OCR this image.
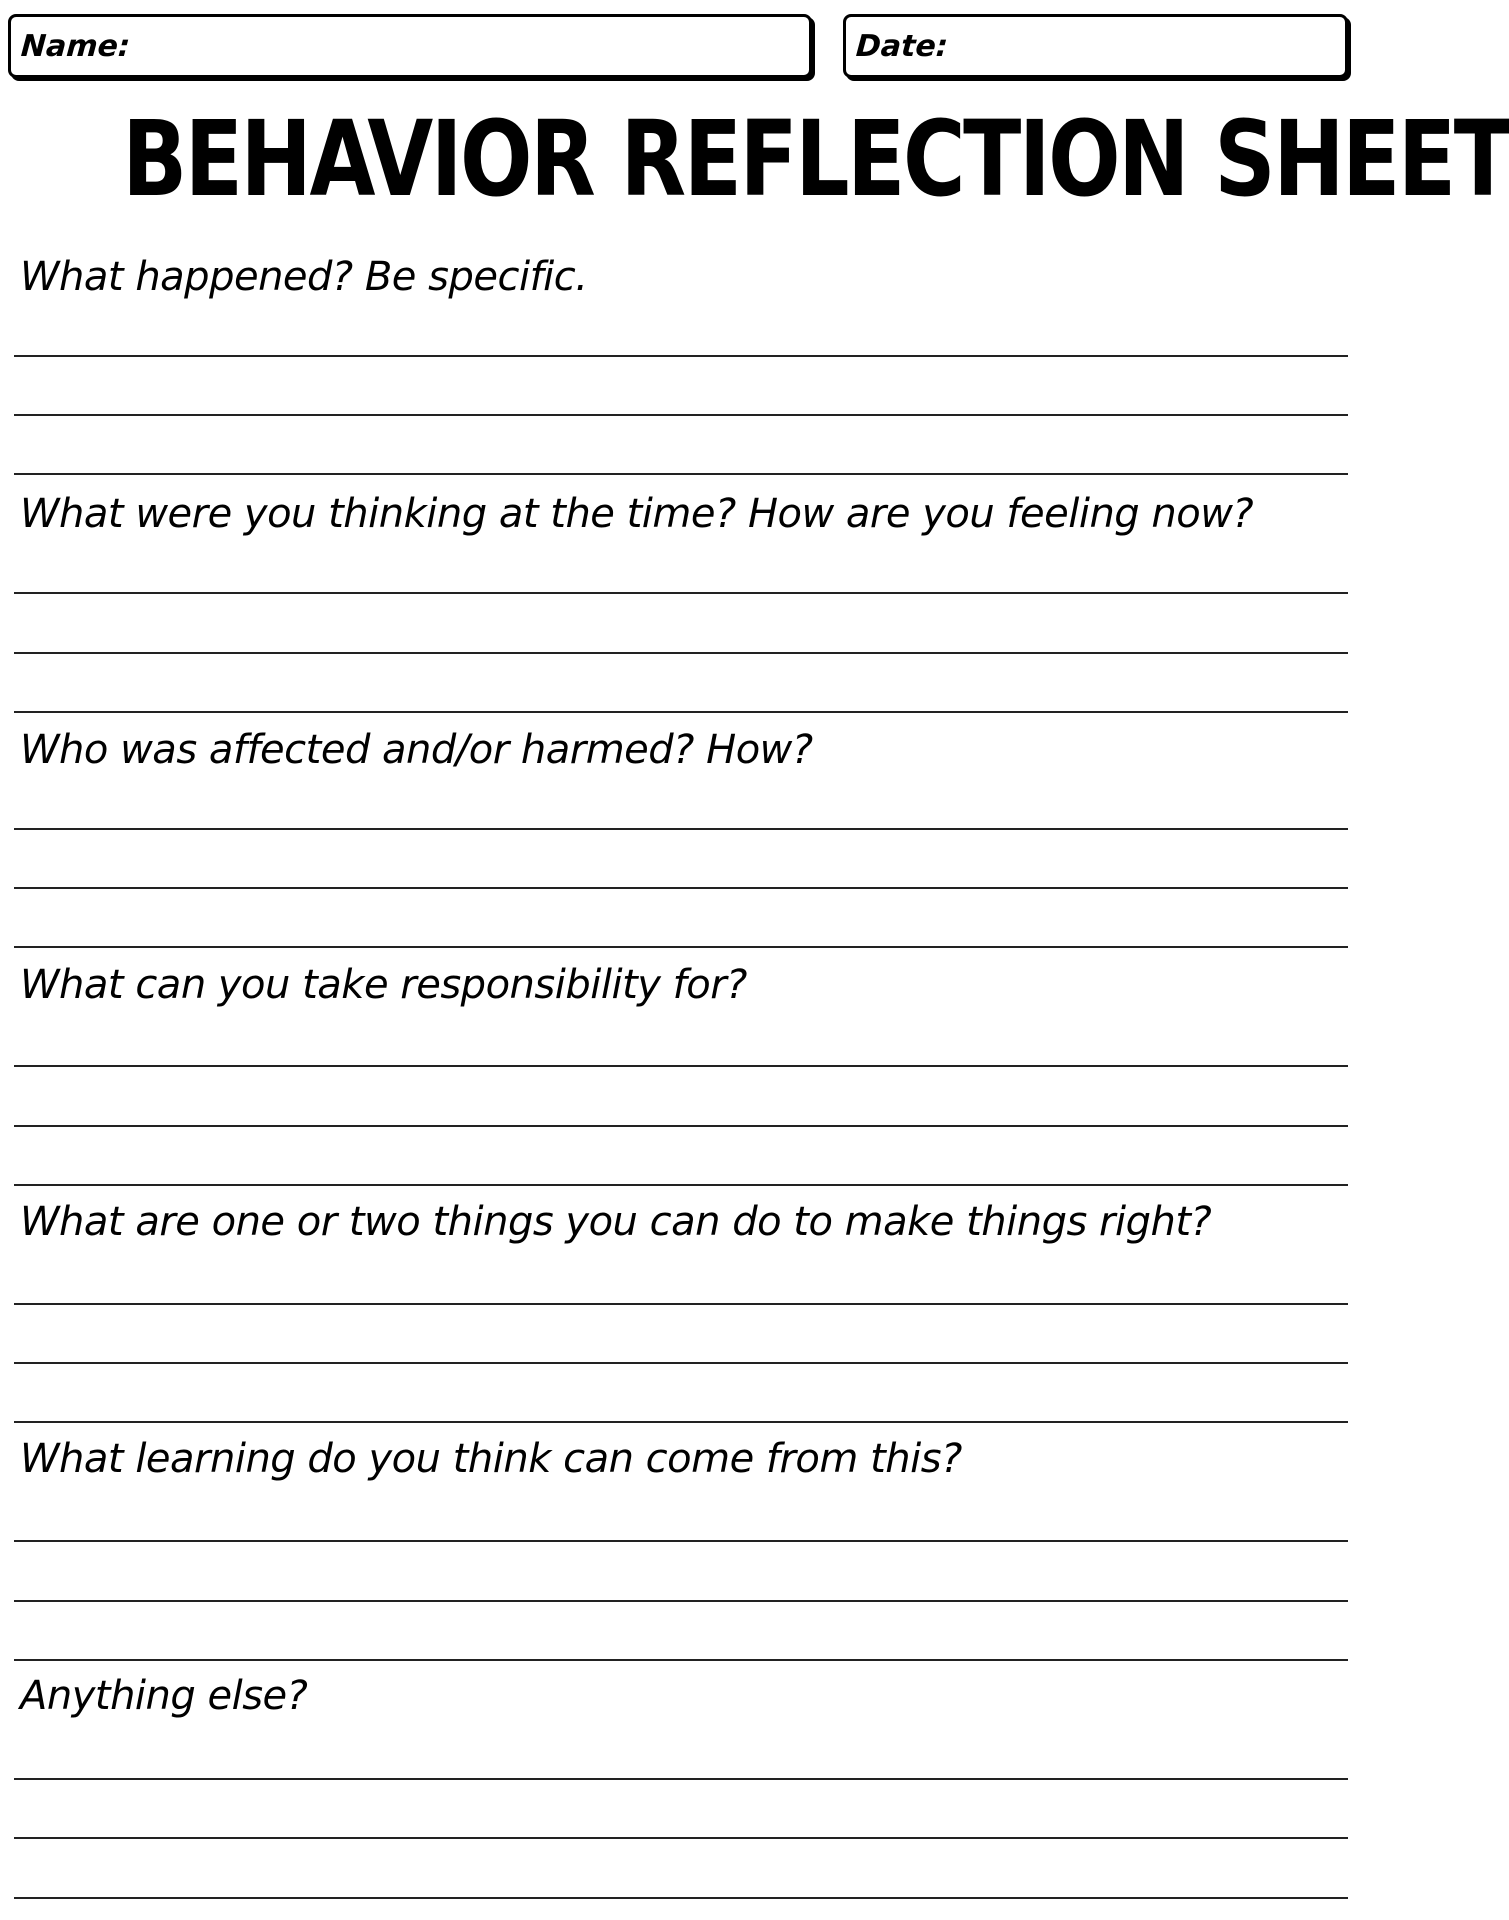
Name:	Date:
BEHAVIOR REFLECTION SHEET
What happened? Be specific.
What were you thinking at the time? How are you feeling now?
Who was affected and/or harmed? How?
What can you take responsibility for?
What are one or two things you can do to make things right?
What learning do you think can come from this?
Anything else?
